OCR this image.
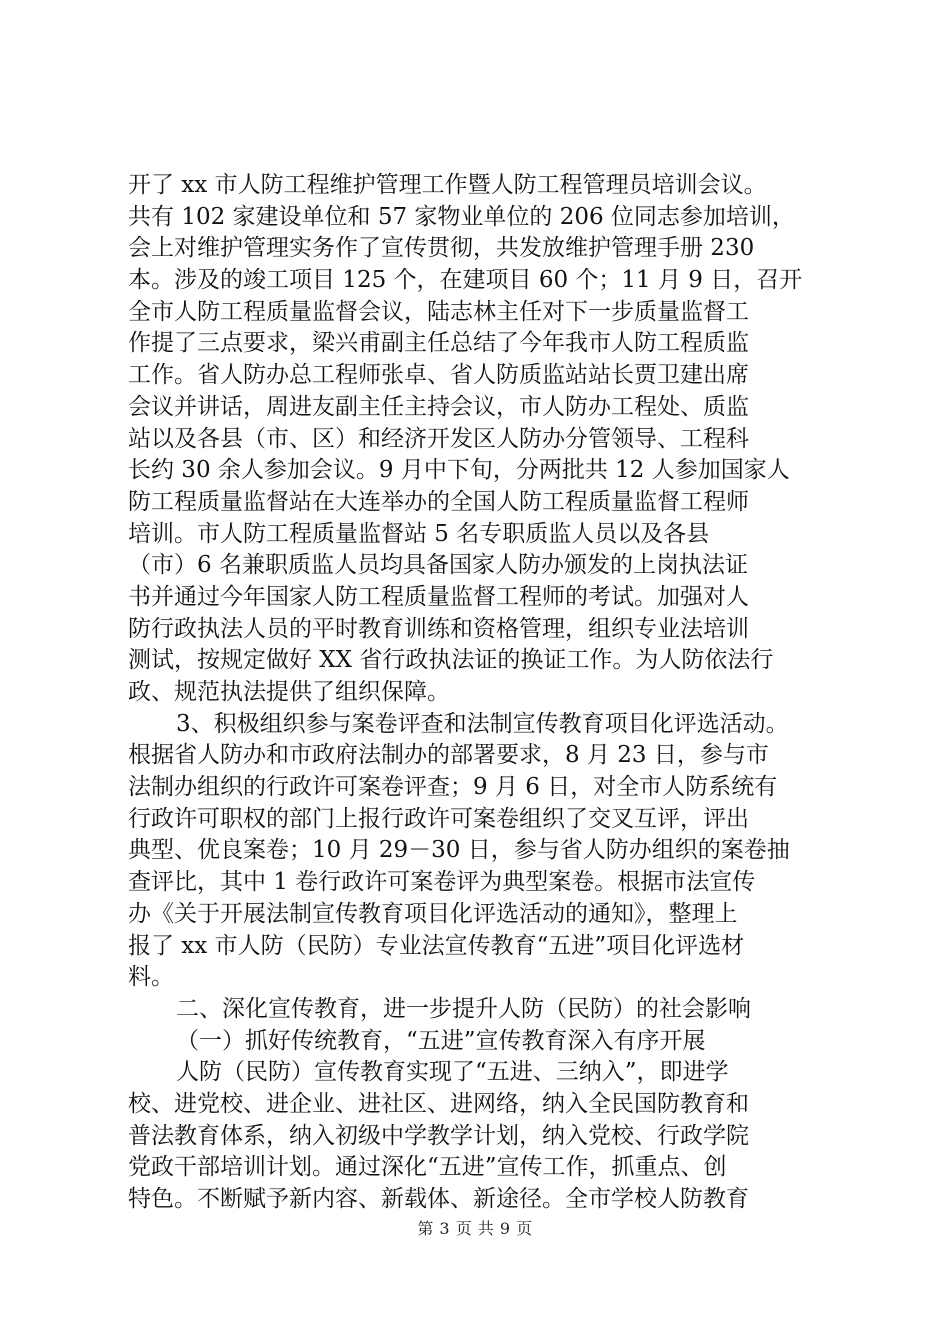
开了 xx 市人防工程维护管理工作暨人防工程管理员培训会议。
共有 102 家建设单位和 57 家物业单位的 206 位同志参加培训，
会上对维护管理实务作了宣传贯彻，共发放维护管理手册 230
本。涉及的竣工项目 125 个，在建项目 60 个；11 月 9 日，召开
全市人防工程质量监督会议，陆志林主任对下一步质量监督工
作提了三点要求，梁兴甫副主任总结了今年我市人防工程质监
工作。省人防办总工程师张卓、省人防质监站站长贾卫建出席
会议并讲话，周进友副主任主持会议，市人防办工程处、质监
站以及各县（市、区）和经济开发区人防办分管领导、工程科
长约 30 余人参加会议。9 月中下旬，分两批共 12 人参加国家人
防工程质量监督站在大连举办的全国人防工程质量监督工程师
培训。市人防工程质量监督站 5 名专职质监人员以及各县
（市）6 名兼职质监人员均具备国家人防办颁发的上岗执法证
书并通过今年国家人防工程质量监督工程师的考试。加强对人
防行政执法人员的平时教育训练和资格管理，组织专业法培训
测试，按规定做好 XX 省行政执法证的换证工作。为人防依法行
政、规范执法提供了组织保障。
3、积极组织参与案卷评查和法制宣传教育项目化评选活动。
根据省人防办和市政府法制办的部署要求，8 月 23 日，参与市
法制办组织的行政许可案卷评查；9 月 6 日，对全市人防系统有
行政许可职权的部门上报行政许可案卷组织了交叉互评，评出
典型、优良案卷；10 月 29－30 日，参与省人防办组织的案卷抽
查评比，其中 1 卷行政许可案卷评为典型案卷。根据市法宣传
办《关于开展法制宣传教育项目化评选活动的通知》，整理上
报了 xx 市人防（民防）专业法宣传教育“五进”项目化评选材
料。
二、深化宣传教育，进一步提升人防（民防）的社会影响
（一）抓好传统教育，“五进”宣传教育深入有序开展
人防（民防）宣传教育实现了“五进、三纳入”，即进学
校、进党校、进企业、进社区、进网络，纳入全民国防教育和
普法教育体系，纳入初级中学教学计划，纳入党校、行政学院
党政干部培训计划。通过深化“五进”宣传工作，抓重点、创
特色。不断赋予新内容、新载体、新途径。全市学校人防教育
第 3 页 共 9 页
